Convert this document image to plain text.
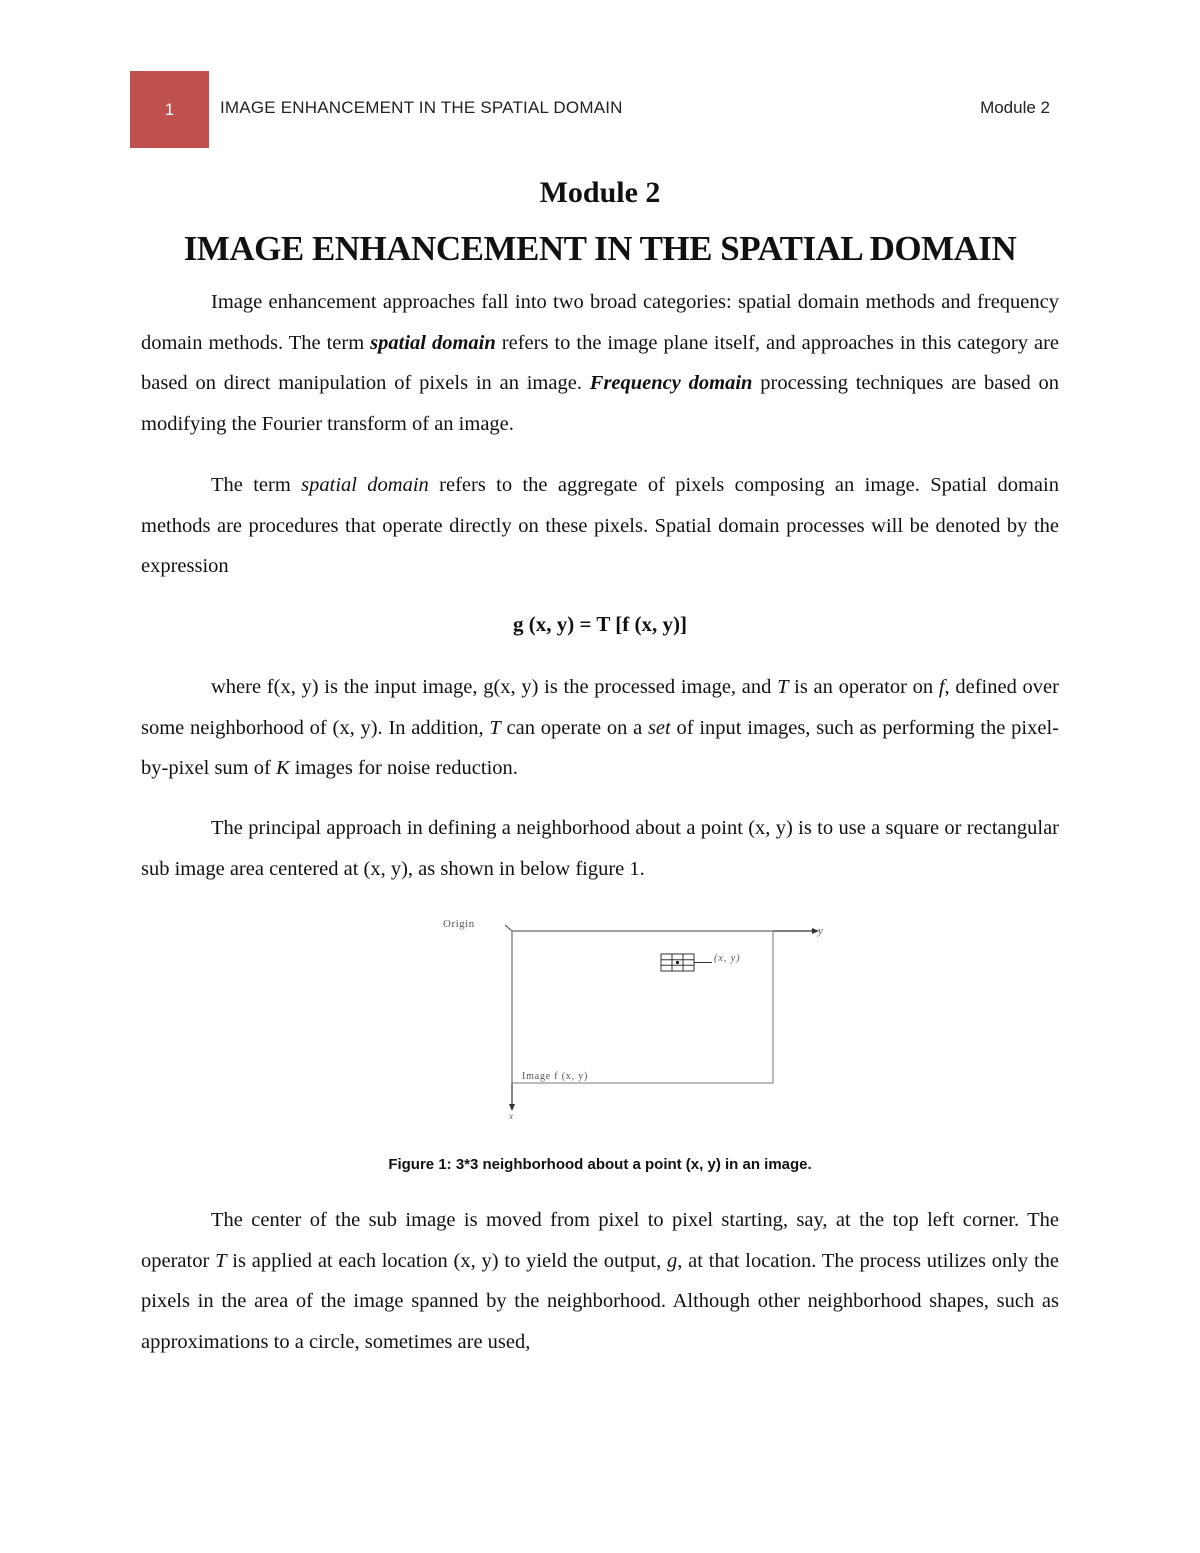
1	IMAGE ENHANCEMENT IN THE SPATIAL DOMAIN	Module 2
Module 2
IMAGE ENHANCEMENT IN THE SPATIAL DOMAIN

Image enhancement approaches fall into two broad categories: spatial domain methods and frequency domain methods. The term spatial domain refers to the image plane itself, and approaches in this category are based on direct manipulation of pixels in an image. Frequency domain processing techniques are based on modifying the Fourier transform of an image.

The term spatial domain refers to the aggregate of pixels composing an image. Spatial domain methods are procedures that operate directly on these pixels. Spatial domain processes will be denoted by the expression

g (x, y) = T [f (x, y)]

where f(x, y) is the input image, g(x, y) is the processed image, and T is an operator on f, defined over some neighborhood of (x, y). In addition, T can operate on a set of input images, such as performing the pixel-by-pixel sum of K images for noise reduction.

The principal approach in defining a neighborhood about a point (x, y) is to use a square or rectangular sub image area centered at (x, y), as shown in below figure 1.

Origin
y
x
(x, y)
Image f (x, y)
Figure 1: 3*3 neighborhood about a point (x, y) in an image.

The center of the sub image is moved from pixel to pixel starting, say, at the top left corner. The operator T is applied at each location (x, y) to yield the output, g, at that location. The process utilizes only the pixels in the area of the image spanned by the neighborhood. Although other neighborhood shapes, such as approximations to a circle, sometimes are used,
